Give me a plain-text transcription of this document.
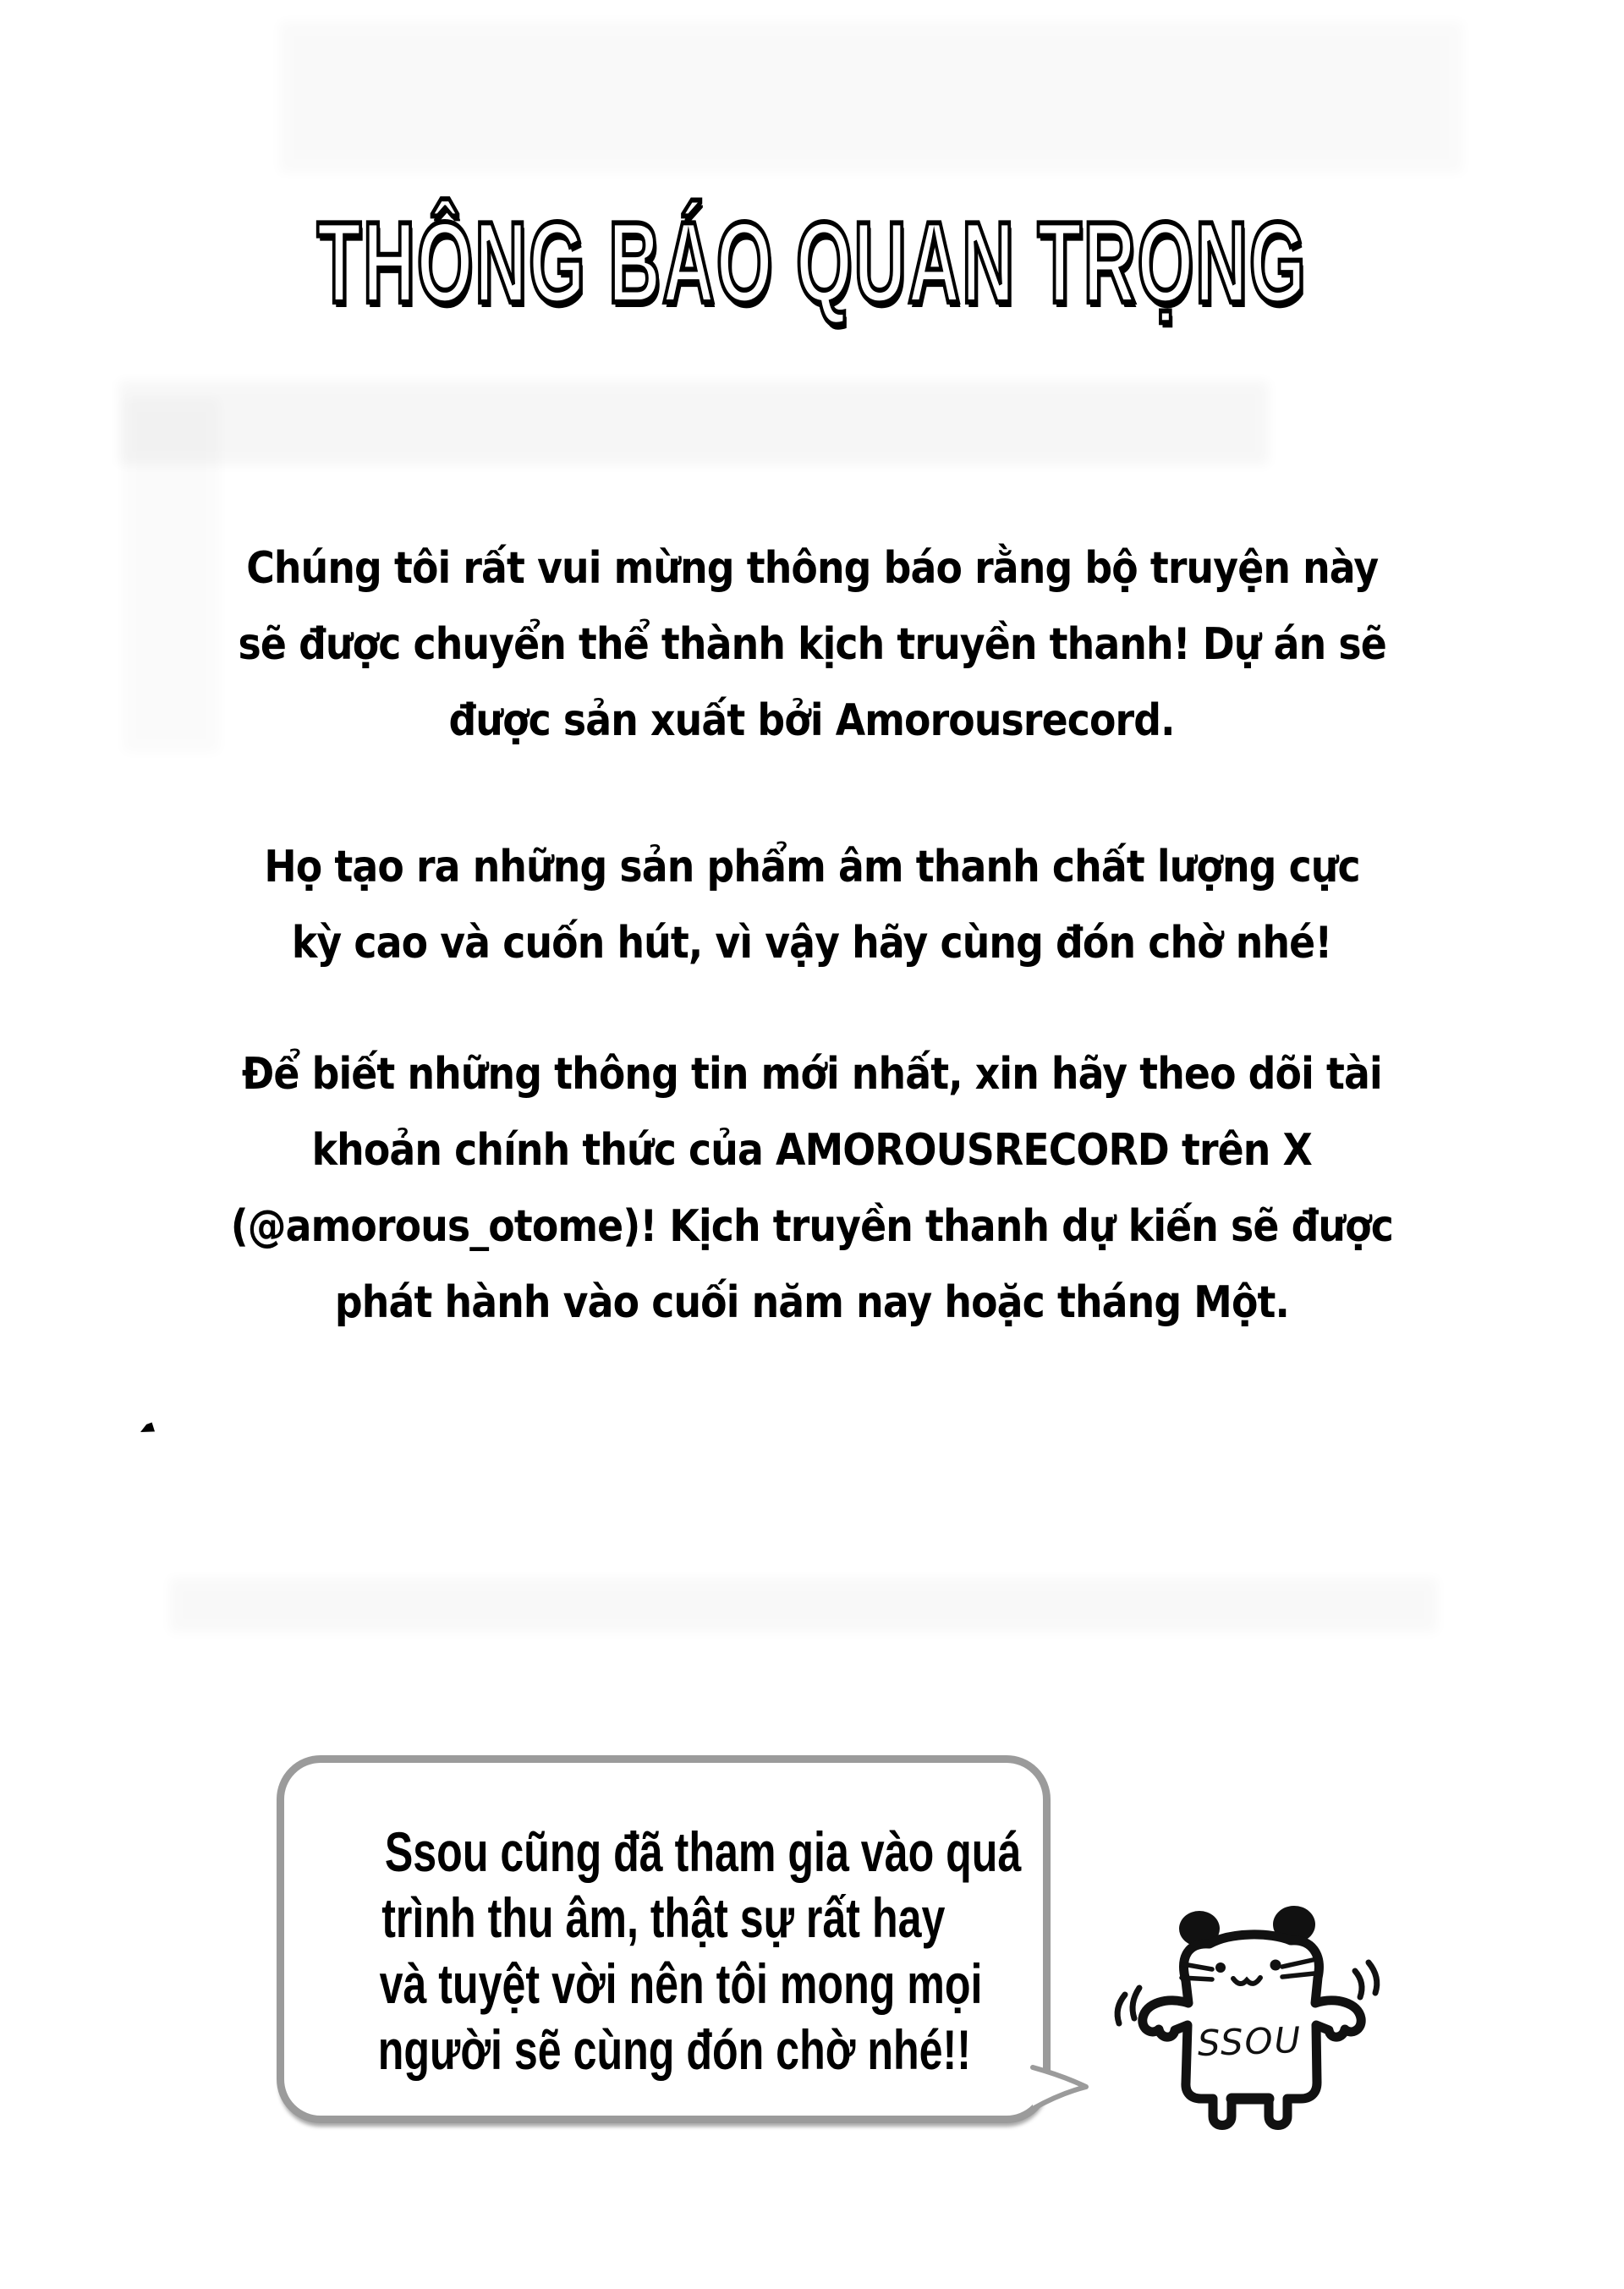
THÔNG BÁO QUAN TRỌNG
Chúng tôi rất vui mừng thông báo rằng bộ truyện này
sẽ được chuyển thể thành kịch truyền thanh! Dự án sẽ
được sản xuất bởi Amorousrecord.
Họ tạo ra những sản phẩm âm thanh chất lượng cực
kỳ cao và cuốn hút, vì vậy hãy cùng đón chờ nhé!
Để biết những thông tin mới nhất, xin hãy theo dõi tài
khoản chính thức của AMOROUSRECORD trên X
(@amorous_otome)! Kịch truyền thanh dự kiến sẽ được
phát hành vào cuối năm nay hoặc tháng Một.
Ssou cũng đã tham gia vào quá
trình thu âm, thật sự rất hay
và tuyệt vời nên tôi mong mọi
người sẽ cùng đón chờ nhé!!	SSOU
